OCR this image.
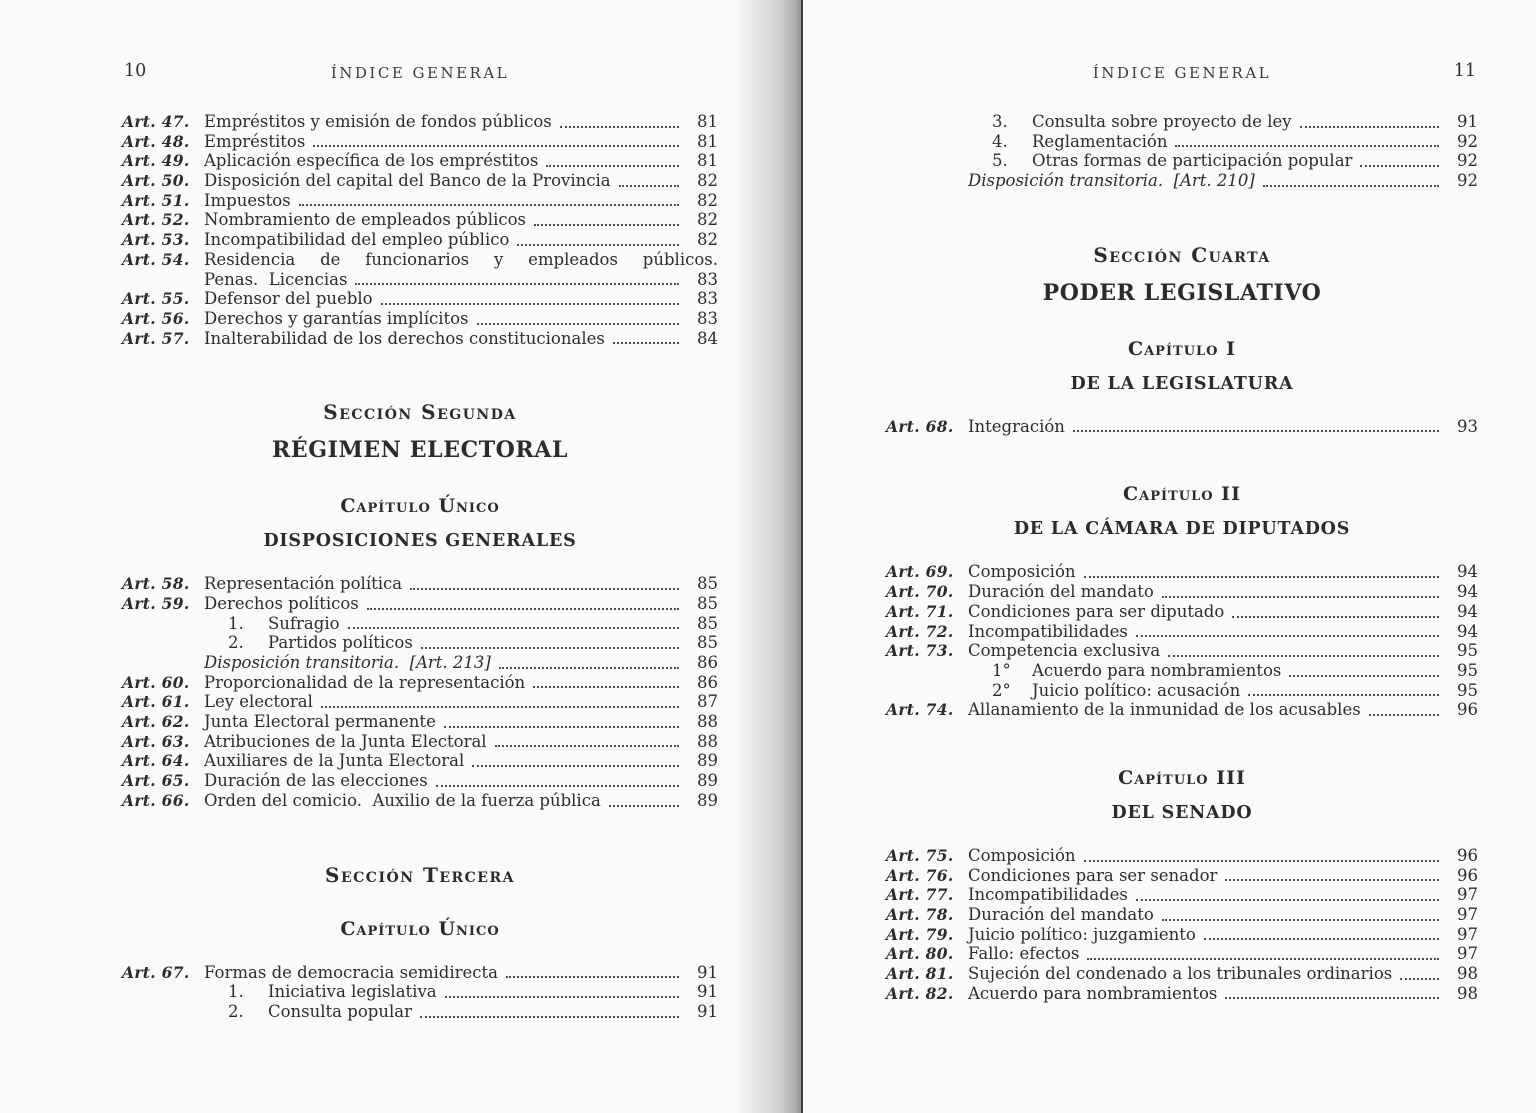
10	ÍNDICE GENERAL
Art. 47. Empréstitos y emisión de fondos públicos	81
Art. 48. Empréstitos	81
Art. 49. Aplicación específica de los empréstitos	81
Art. 50. Disposición del capital del Banco de la Provincia	82
Art. 51. Impuestos	82
Art. 52. Nombramiento de empleados públicos	82
Art. 53. Incompatibilidad del empleo público	82
Art. 54. Residencia de funcionarios y empleados públicos.
Penas.  Licencias	83
Art. 55. Defensor del pueblo	83
Art. 56. Derechos y garantías implícitos	83
Art. 57. Inalterabilidad de los derechos constitucionales	84
Sección Segunda
RÉGIMEN ELECTORAL
Capítulo Único
DISPOSICIONES GENERALES
Art. 58. Representación política	85
Art. 59. Derechos políticos	85
1.	Sufragio	85
2.	Partidos políticos	85
Disposición transitoria.  [Art. 213]	86
Art. 60. Proporcionalidad de la representación	86
Art. 61. Ley electoral	87
Art. 62. Junta Electoral permanente	88
Art. 63. Atribuciones de la Junta Electoral	88
Art. 64. Auxiliares de la Junta Electoral	89
Art. 65. Duración de las elecciones	89
Art. 66. Orden del comicio.  Auxilio de la fuerza pública	89
Sección Tercera
Capítulo Único
Art. 67. Formas de democracia semidirecta	91
1.	Iniciativa legislativa	91
2.	Consulta popular	91
11
ÍNDICE GENERAL
3.	Consulta sobre proyecto de ley	91
4.	Reglamentación	92
5.	Otras formas de participación popular	92
Disposición transitoria.  [Art. 210]	92
Sección Cuarta
PODER LEGISLATIVO
Capítulo I
DE LA LEGISLATURA
Art. 68. Integración	93
Capítulo II
DE LA CÁMARA DE DIPUTADOS
Art. 69. Composición	94
Art. 70. Duración del mandato	94
Art. 71. Condiciones para ser diputado	94
Art. 72. Incompatibilidades	94
Art. 73. Competencia exclusiva	95
1°	Acuerdo para nombramientos	95
2°	Juicio político: acusación	95
Art. 74. Allanamiento de la inmunidad de los acusables	96
Capítulo III
DEL SENADO
Art. 75. Composición	96
Art. 76. Condiciones para ser senador	96
Art. 77. Incompatibilidades	97
Art. 78. Duración del mandato	97
Art. 79. Juicio político: juzgamiento	97
Art. 80. Fallo: efectos	97
Art. 81. Sujeción del condenado a los tribunales ordinarios	98
Art. 82. Acuerdo para nombramientos	98
